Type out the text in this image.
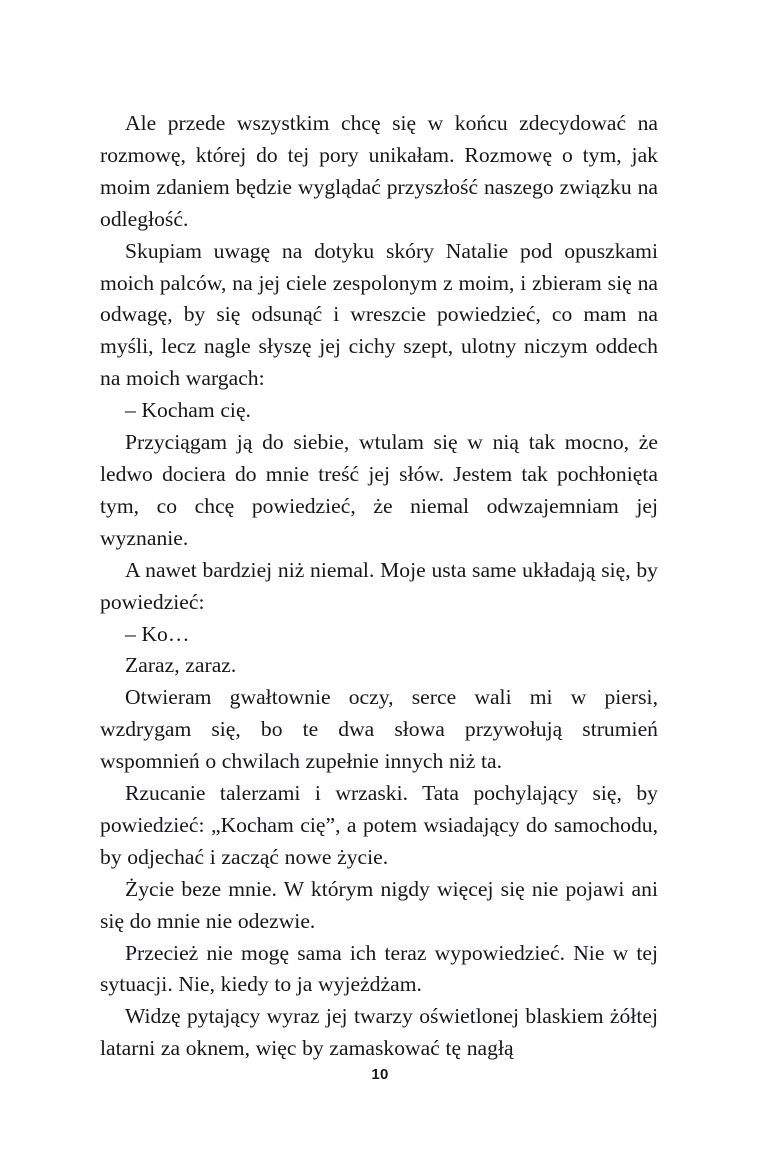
Ale przede wszystkim chcę się w końcu zdecydować na rozmowę, której do tej pory unikałam. Rozmowę o tym, jak moim zdaniem będzie wyglądać przyszłość naszego związku na odległość.

Skupiam uwagę na dotyku skóry Natalie pod opuszkami moich palców, na jej ciele zespolonym z moim, i zbieram się na odwagę, by się odsunąć i wreszcie powiedzieć, co mam na myśli, lecz nagle słyszę jej cichy szept, ulotny niczym oddech na moich wargach:

– Kocham cię.

Przyciągam ją do siebie, wtulam się w nią tak mocno, że ledwo dociera do mnie treść jej słów. Jestem tak pochłonięta tym, co chcę powiedzieć, że niemal odwzajemniam jej wyznanie.

A nawet bardziej niż niemal. Moje usta same układają się, by powiedzieć:

– Ko…

Zaraz, zaraz.

Otwieram gwałtownie oczy, serce wali mi w piersi, wzdrygam się, bo te dwa słowa przywołują strumień wspomnień o chwilach zupełnie innych niż ta.

Rzucanie talerzami i wrzaski. Tata pochylający się, by powiedzieć: „Kocham cię”, a potem wsiadający do samochodu, by odjechać i zacząć nowe życie.

Życie beze mnie. W którym nigdy więcej się nie pojawi ani się do mnie nie odezwie.

Przecież nie mogę sama ich teraz wypowiedzieć. Nie w tej sytuacji. Nie, kiedy to ja wyjeżdżam.

Widzę pytający wyraz jej twarzy oświetlonej blaskiem żółtej latarni za oknem, więc by zamaskować tę nagłą

10
